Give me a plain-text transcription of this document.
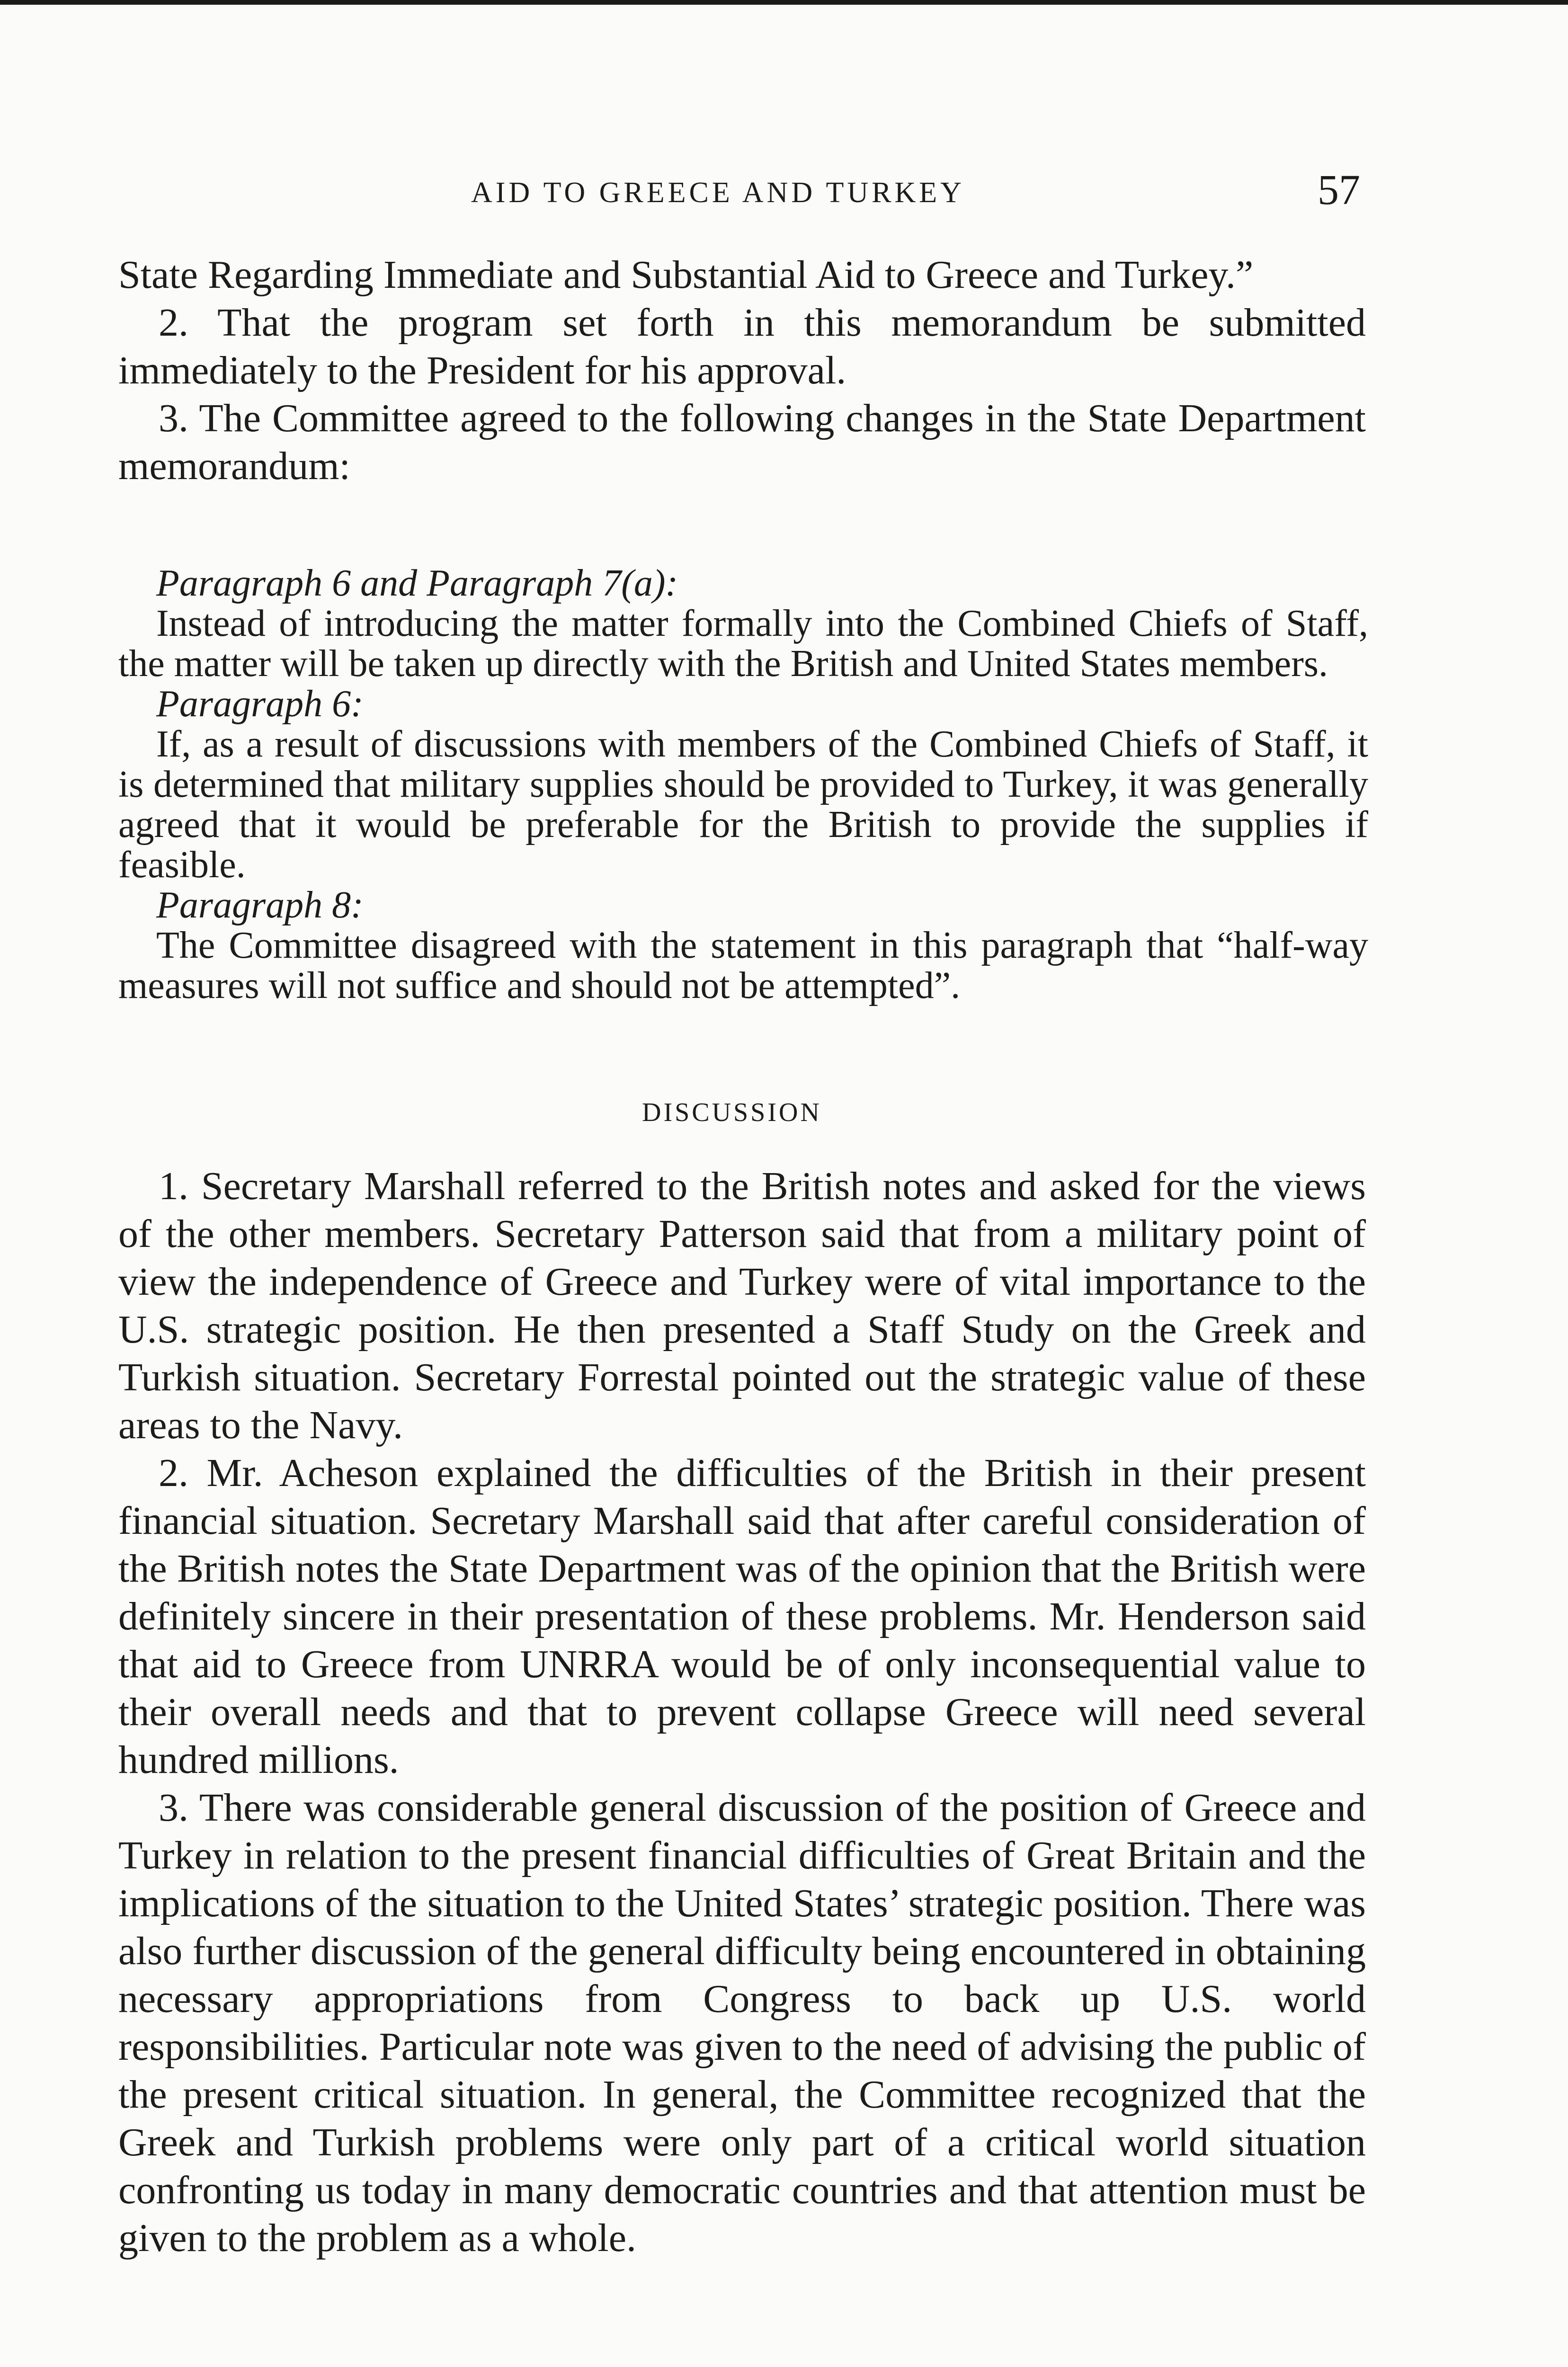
AID TO GREECE AND TURKEY	57

State Regarding Immediate and Substantial Aid to Greece and Turkey.”

2. That the program set forth in this memorandum be submitted immediately to the President for his approval.

3. The Committee agreed to the following changes in the State Department memorandum:

Paragraph 6 and Paragraph 7(a):

Instead of introducing the matter formally into the Combined Chiefs of Staff, the matter will be taken up directly with the British and United States members.

Paragraph 6:

If, as a result of discussions with members of the Combined Chiefs of Staff, it is determined that military supplies should be provided to Turkey, it was generally agreed that it would be preferable for the British to provide the supplies if feasible.

Paragraph 8:

The Committee disagreed with the statement in this paragraph that “half-way measures will not suffice and should not be attempted”.

DISCUSSION

1. Secretary Marshall referred to the British notes and asked for the views of the other members. Secretary Patterson said that from a military point of view the independence of Greece and Turkey were of vital importance to the U.S. strategic position. He then presented a Staff Study on the Greek and Turkish situation. Secretary Forrestal pointed out the strategic value of these areas to the Navy.

2. Mr. Acheson explained the difficulties of the British in their present financial situation. Secretary Marshall said that after careful consideration of the British notes the State Department was of the opinion that the British were definitely sincere in their presentation of these problems. Mr. Henderson said that aid to Greece from UNRRA would be of only inconsequential value to their overall needs and that to prevent collapse Greece will need several hundred millions.

3. There was considerable general discussion of the position of Greece and Turkey in relation to the present financial difficulties of Great Britain and the implications of the situation to the United States’ strategic position. There was also further discussion of the general difficulty being encountered in obtaining necessary appropriations from Congress to back up U.S. world responsibilities. Particular note was given to the need of advising the public of the present critical situation. In general, the Committee recognized that the Greek and Turkish problems were only part of a critical world situation confronting us today in many democratic countries and that attention must be given to the problem as a whole.
